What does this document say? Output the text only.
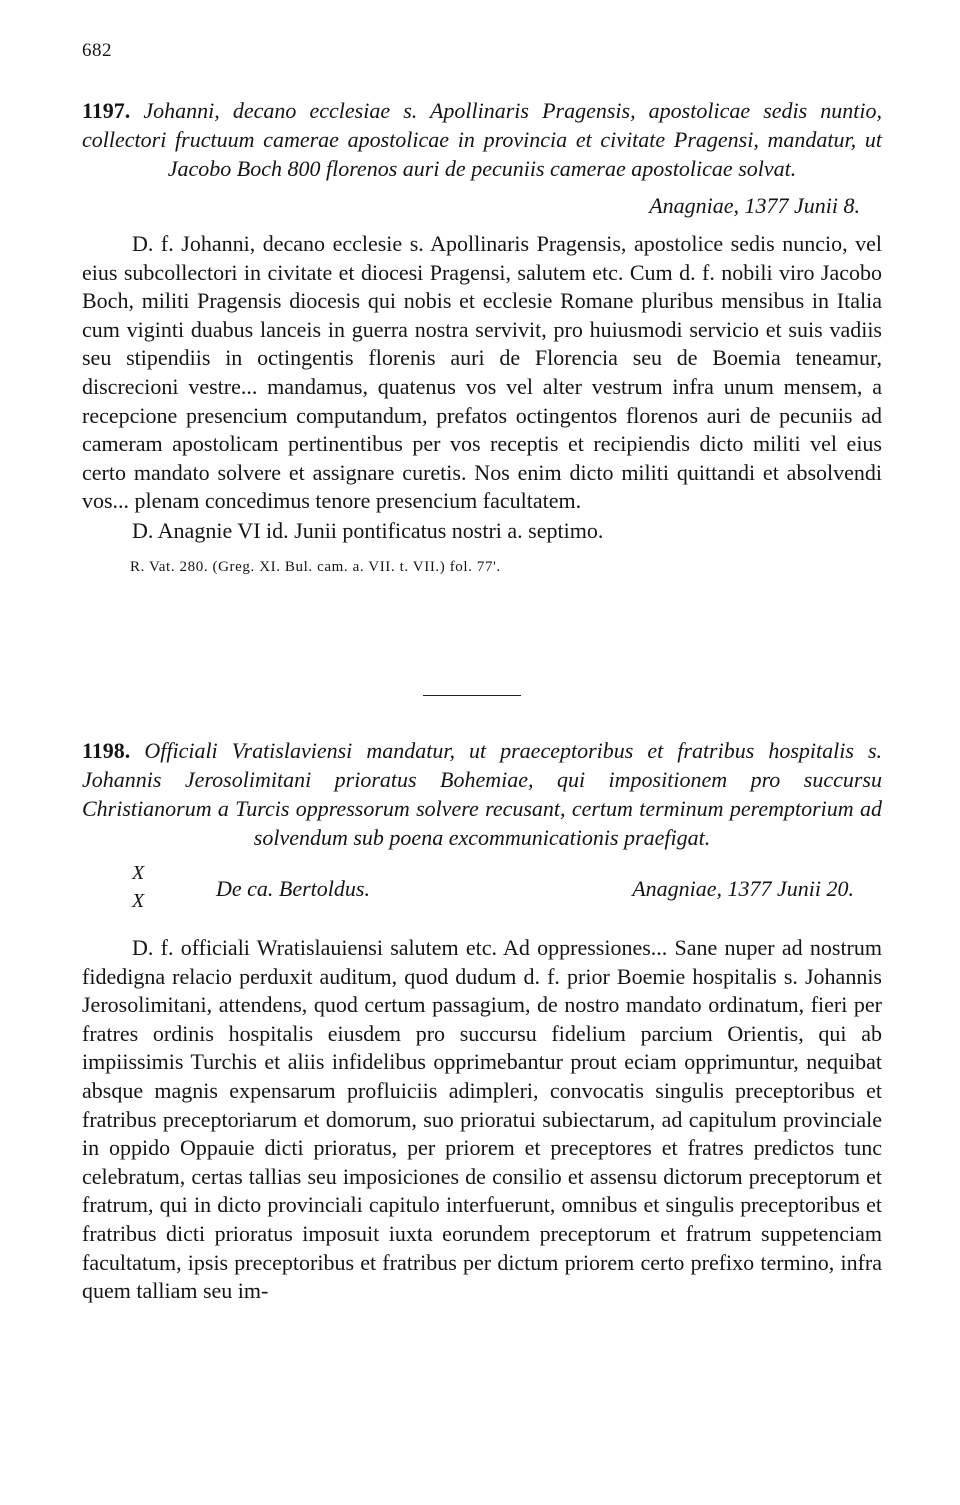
682

1197. Johanni, decano ecclesiae s. Apollinaris Pragensis, apostolicae sedis nuntio, collectori fructuum camerae apostolicae in provincia et civitate Pragensi, mandatur, ut Jacobo Boch 800 florenos auri de pecuniis camerae apostolicae solvat.

Anagniae, 1377 Junii 8.

D. f. Johanni, decano ecclesie s. Apollinaris Pragensis, apostolice sedis nuncio, vel eius subcollectori in civitate et diocesi Pragensi, salutem etc. Cum d. f. nobili viro Jacobo Boch, militi Pragensis diocesis qui nobis et ecclesie Romane pluribus mensibus in Italia cum viginti duabus lanceis in guerra nostra servivit, pro huiusmodi servicio et suis vadiis seu stipendiis in octingentis florenis auri de Florencia seu de Boemia teneamur, discrecioni vestre... mandamus, quatenus vos vel alter vestrum infra unum mensem, a recepcione presencium computandum, prefatos octingentos florenos auri de pecuniis ad cameram apostolicam pertinentibus per vos receptis et recipiendis dicto militi vel eius certo mandato solvere et assignare curetis. Nos enim dicto militi quittandi et absolvendi vos... plenam concedimus tenore presencium facultatem.

D. Anagnie VI id. Junii pontificatus nostri a. septimo.

R. Vat. 280. (Greg. XI. Bul. cam. a. VII. t. VII.) fol. 77'.

1198. Officiali Vratislaviensi mandatur, ut praeceptoribus et fratribus hospitalis s. Johannis Jerosolimitani prioratus Bohemiae, qui impositionem pro succursu Christianorum a Turcis oppressorum solvere recusant, certum terminum peremptorium ad solvendum sub poena excommunicationis praefigat.

X
X	De ca. Bertoldus.	Anagniae, 1377 Junii 20.

D. f. officiali Wratislauiensi salutem etc. Ad oppressiones... Sane nuper ad nostrum fidedigna relacio perduxit auditum, quod dudum d. f. prior Boemie hospitalis s. Johannis Jerosolimitani, attendens, quod certum passagium, de nostro mandato ordinatum, fieri per fratres ordinis hospitalis eiusdem pro succursu fidelium parcium Orientis, qui ab impiissimis Turchis et aliis infidelibus opprimebantur prout eciam opprimuntur, nequibat absque magnis expensarum profluiciis adimpleri, convocatis singulis preceptoribus et fratribus preceptoriarum et domorum, suo prioratui subiectarum, ad capitulum provinciale in oppido Oppauie dicti prioratus, per priorem et preceptores et fratres predictos tunc celebratum, certas tallias seu imposiciones de consilio et assensu dictorum preceptorum et fratrum, qui in dicto provinciali capitulo interfuerunt, omnibus et singulis preceptoribus et fratribus dicti prioratus imposuit iuxta eorundem preceptorum et fratrum suppetenciam facultatum, ipsis preceptoribus et fratribus per dictum priorem certo prefixo termino, infra quem talliam seu im-
